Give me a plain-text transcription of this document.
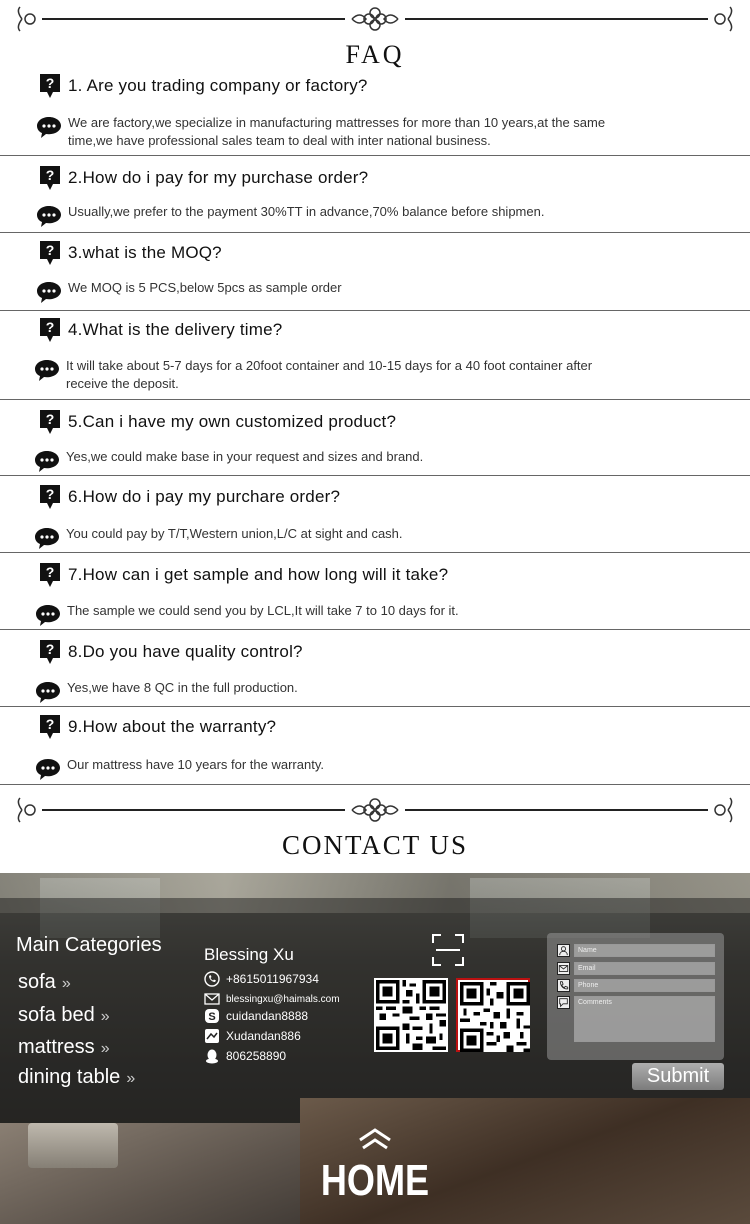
FAQ
? 1. Are you trading company or factory?
We are factory,we specialize in manufacturing mattresses for more than 10 years,at the same time,we have professional sales team to deal with inter national business.
? 2.How do i pay for my purchase order?
Usually,we prefer to the payment 30%TT in advance,70% balance before shipmen.
? 3.what is the MOQ?
We MOQ is 5 PCS,below 5pcs as sample order
? 4.What is the delivery time?
It will take about 5-7 days for a 20foot container and 10-15 days for a 40 foot container after receive the deposit.
? 5.Can i have my own customized product?
Yes,we could make base in your request and sizes and brand.
? 6.How do i pay my purchare order?
You could pay by T/T,Western union,L/C at sight and cash.
? 7.How can i get sample and how long will it take?
The sample we could send you by LCL,It will take 7 to 10 days for it.
? 8.Do you have quality control?
Yes,we have 8 QC in the full production.
? 9.How about the warranty?
Our mattress have 10 years for the warranty.
CONTACT US
Main Categories
sofa »
sofa bed »
mattress »
dining table »
Blessing Xu
+8615011967934
blessingxu@haimals.com
S cuidandan8888
Xudandan886
806258890
Name
Email
Phone
Comments
Submit
HOME
